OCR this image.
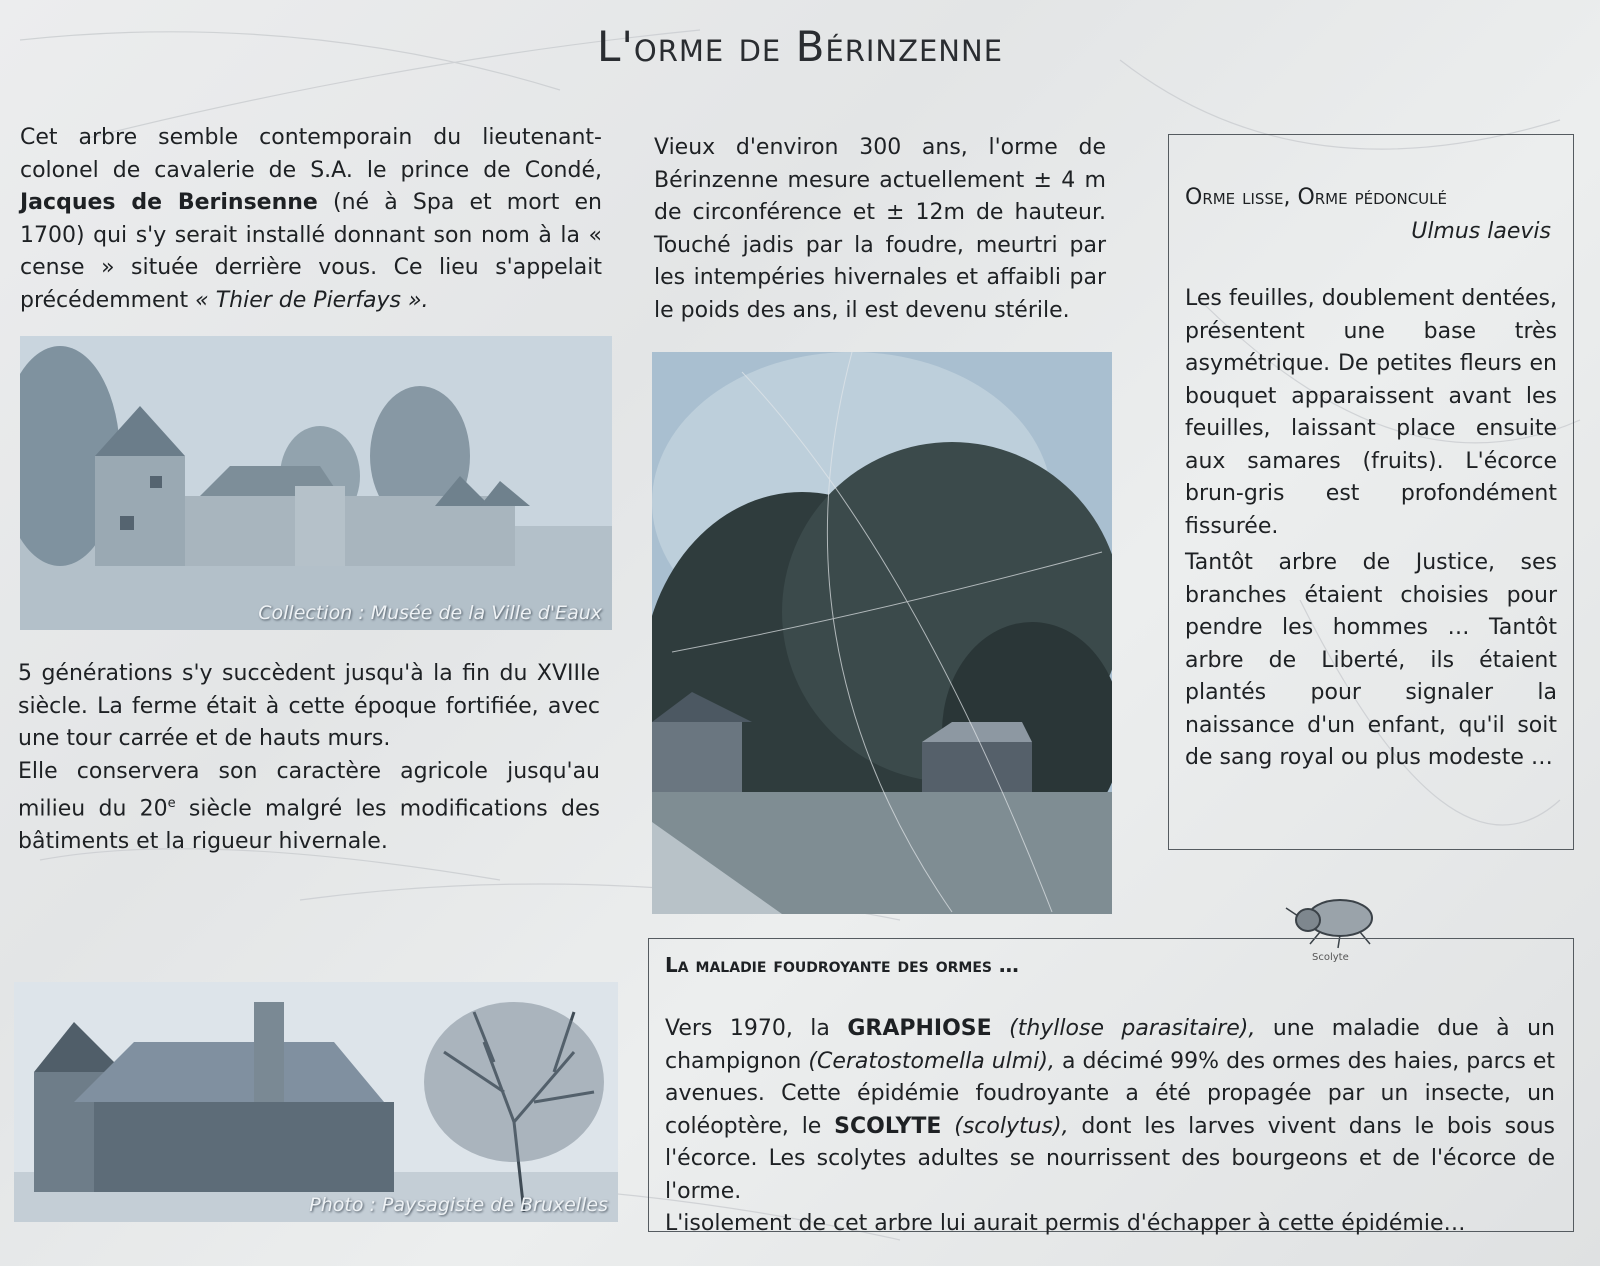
L'orme de Bérinzenne
Cet arbre semble contemporain du lieutenant-colonel de cavalerie de S.A. le prince de Condé, Jacques de Berinsenne (né à Spa et mort en 1700) qui s'y serait installé donnant son nom à la « cense » située derrière vous. Ce lieu s'appelait précédemment « Thier de Pierfays ».
Collection : Musée de la Ville d'Eaux
5 générations s'y succèdent jusqu'à la fin du XVIIIe siècle. La ferme était à cette époque fortifiée, avec une tour carrée et de hauts murs.
Elle conservera son caractère agricole jusqu'au milieu du 20e siècle malgré les modifications des bâtiments et la rigueur hivernale.
Photo : Paysagiste de Bruxelles
Vieux d'environ 300 ans, l'orme de Bérinzenne mesure actuellement ± 4 m de circonférence et ± 12m de hauteur. Touché jadis par la foudre, meurtri par les intempéries hivernales et affaibli par le poids des ans, il est devenu stérile.
Orme lisse, Orme pédonculé
Ulmus laevis
Les feuilles, doublement dentées, présentent une base très asymétrique. De petites fleurs en bouquet apparaissent avant les feuilles, laissant place ensuite aux samares (fruits). L'écorce brun-gris est profondément fissurée.
Tantôt arbre de Justice, ses branches étaient choisies pour pendre les hommes … Tantôt arbre de Liberté, ils étaient plantés pour signaler la naissance d'un enfant, qu'il soit de sang royal ou plus modeste …
Scolyte
La maladie foudroyante des ormes …
Vers 1970, la GRAPHIOSE (thyllose parasitaire), une maladie due à un champignon (Ceratostomella ulmi), a décimé 99% des ormes des haies, parcs et avenues. Cette épidémie foudroyante a été propagée par un insecte, un coléoptère, le SCOLYTE (scolytus), dont les larves vivent dans le bois sous l'écorce. Les scolytes adultes se nourrissent des bourgeons et de l'écorce de l'orme.
L'isolement de cet arbre lui aurait permis d'échapper à cette épidémie…
